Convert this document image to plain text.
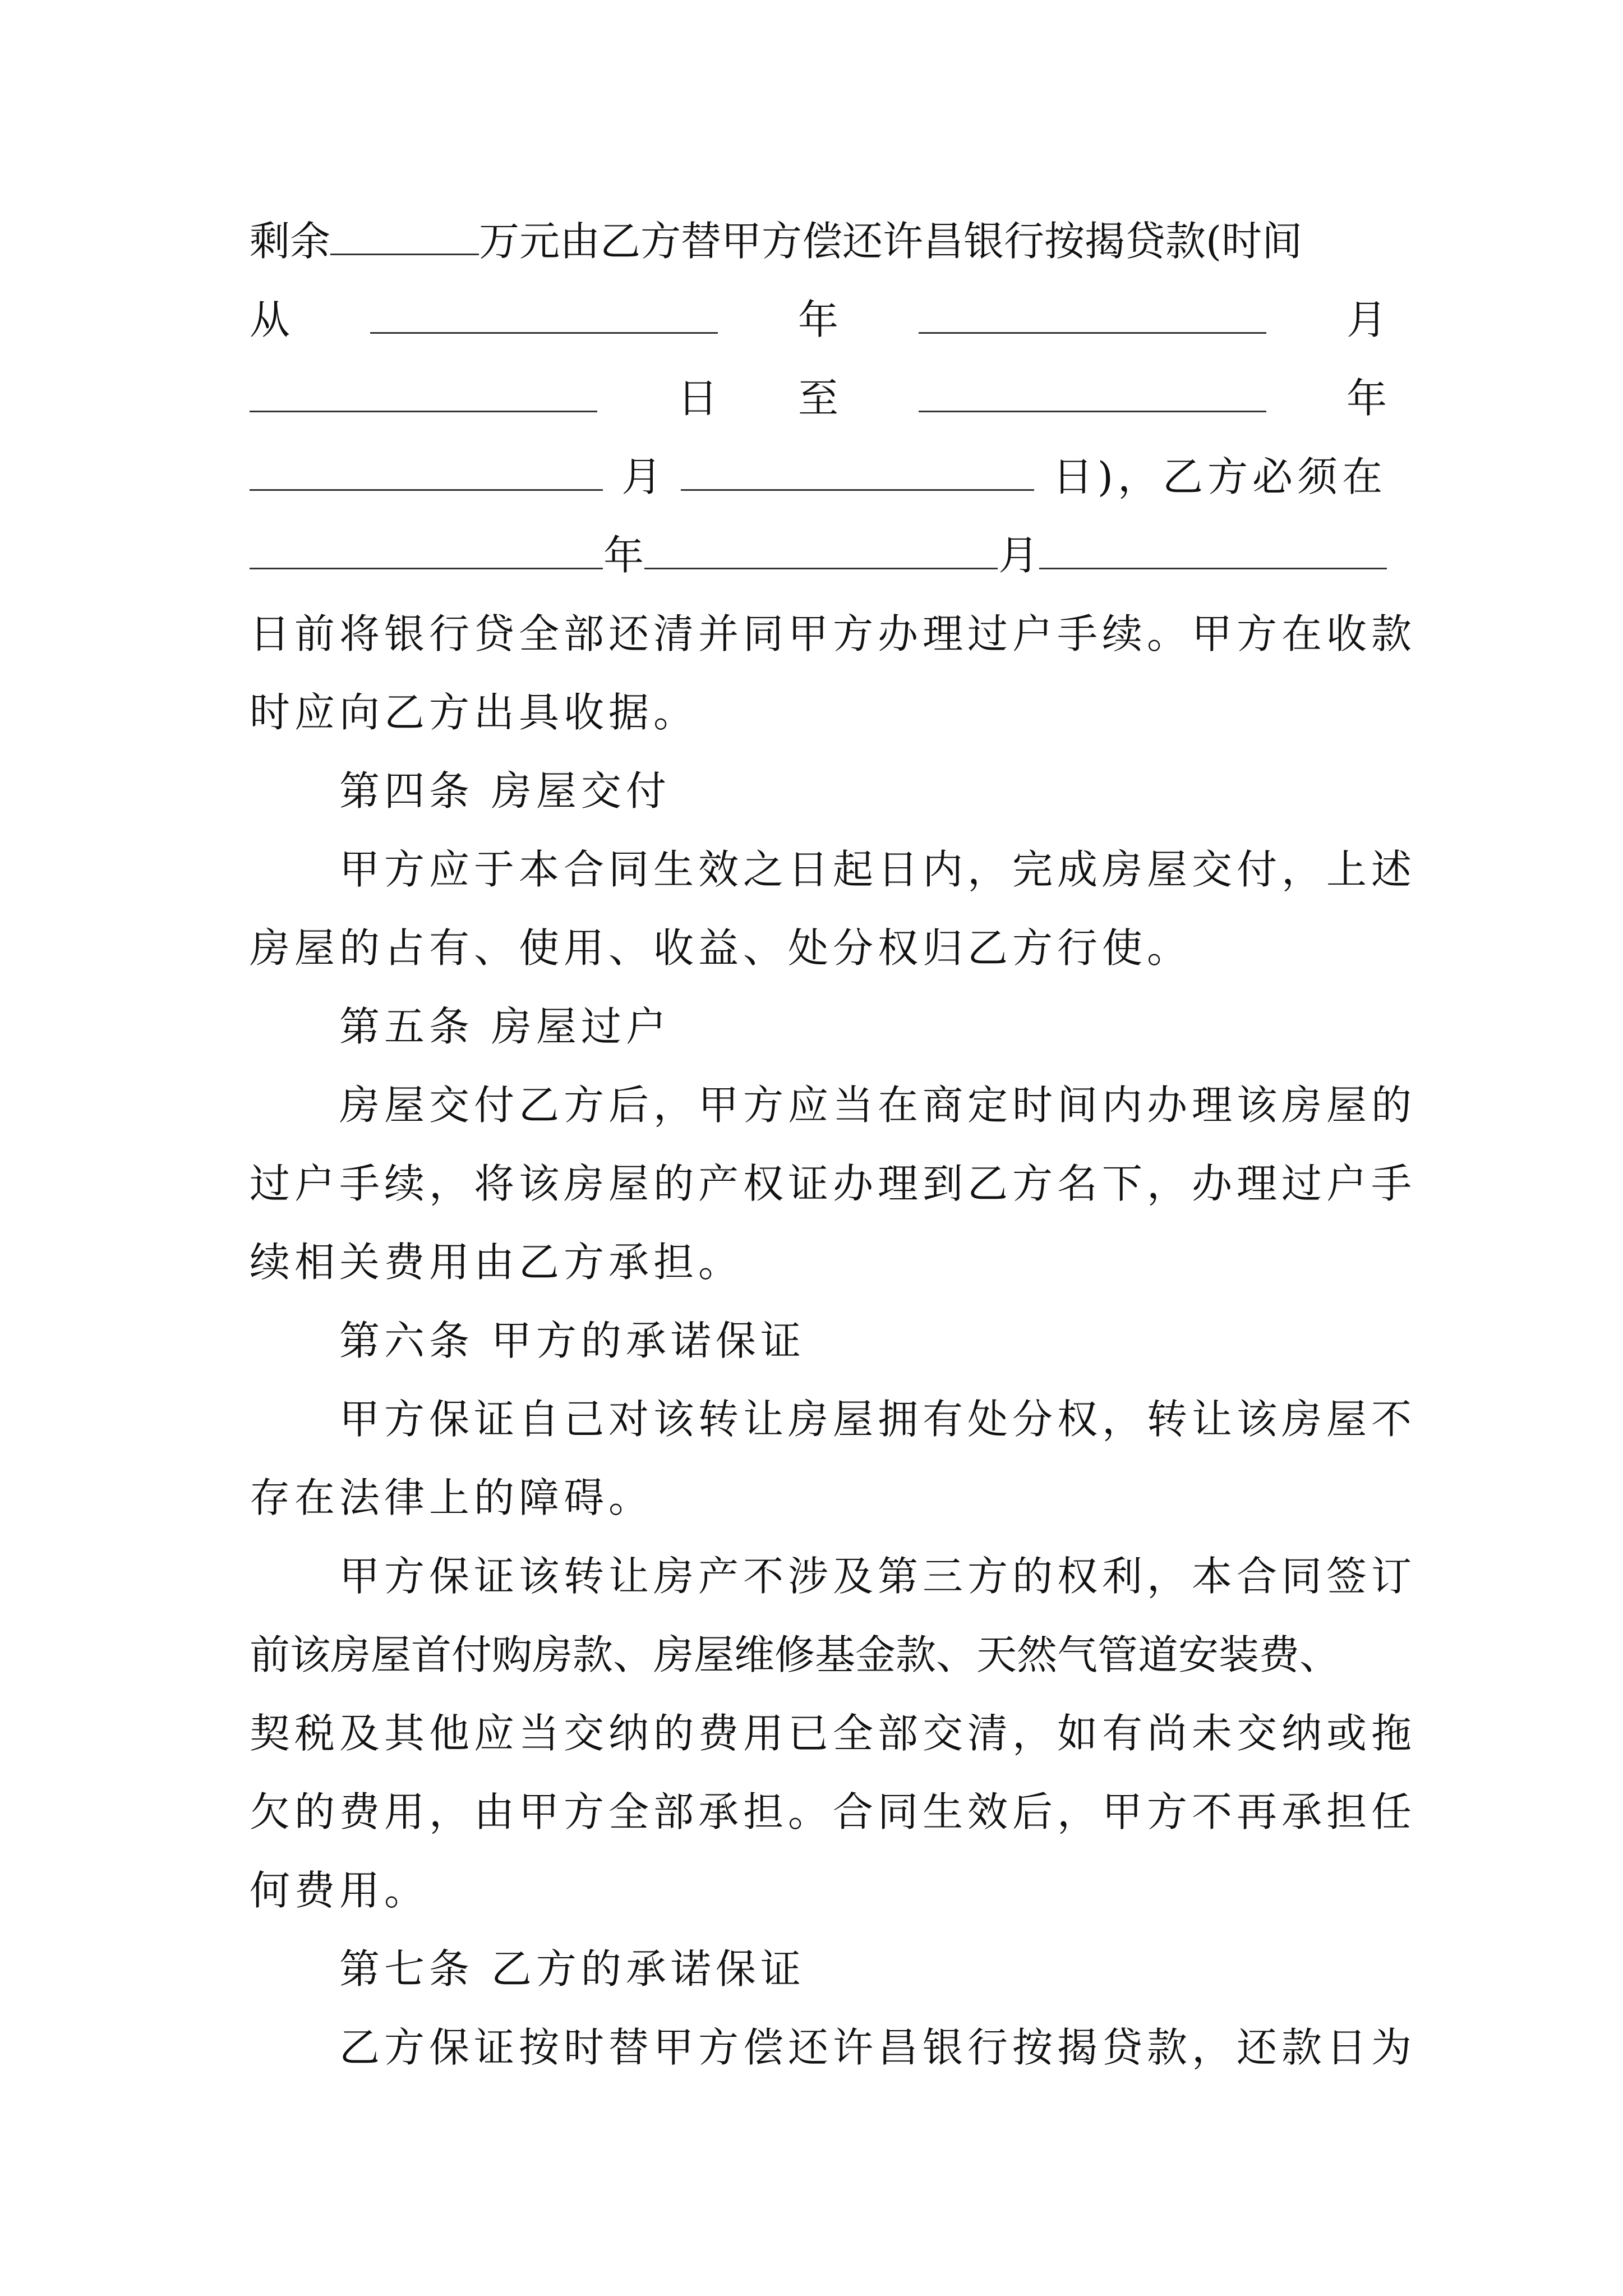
剩余	万元由乙方替甲方偿还许昌银行按揭贷款(时间
从	年	月
日 至	年
月	日)，乙方必须在
年	月
日前将银行贷全部还清并同甲方办理过户手续。甲方在收款
时应向乙方出具收据。
第四条 房屋交付
甲方应于本合同生效之日起日内，完成房屋交付，上述
房屋的占有、使用、收益、处分权归乙方行使。
第五条 房屋过户
房屋交付乙方后，甲方应当在商定时间内办理该房屋的
过户手续，将该房屋的产权证办理到乙方名下，办理过户手
续相关费用由乙方承担。
第六条 甲方的承诺保证
甲方保证自己对该转让房屋拥有处分权，转让该房屋不
存在法律上的障碍。
甲方保证该转让房产不涉及第三方的权利，本合同签订
前该房屋首付购房款、房屋维修基金款、天然气管道安装费、
契税及其他应当交纳的费用已全部交清，如有尚未交纳或拖
欠的费用，由甲方全部承担。合同生效后，甲方不再承担任
何费用。
第七条 乙方的承诺保证
乙方保证按时替甲方偿还许昌银行按揭贷款，还款日为
